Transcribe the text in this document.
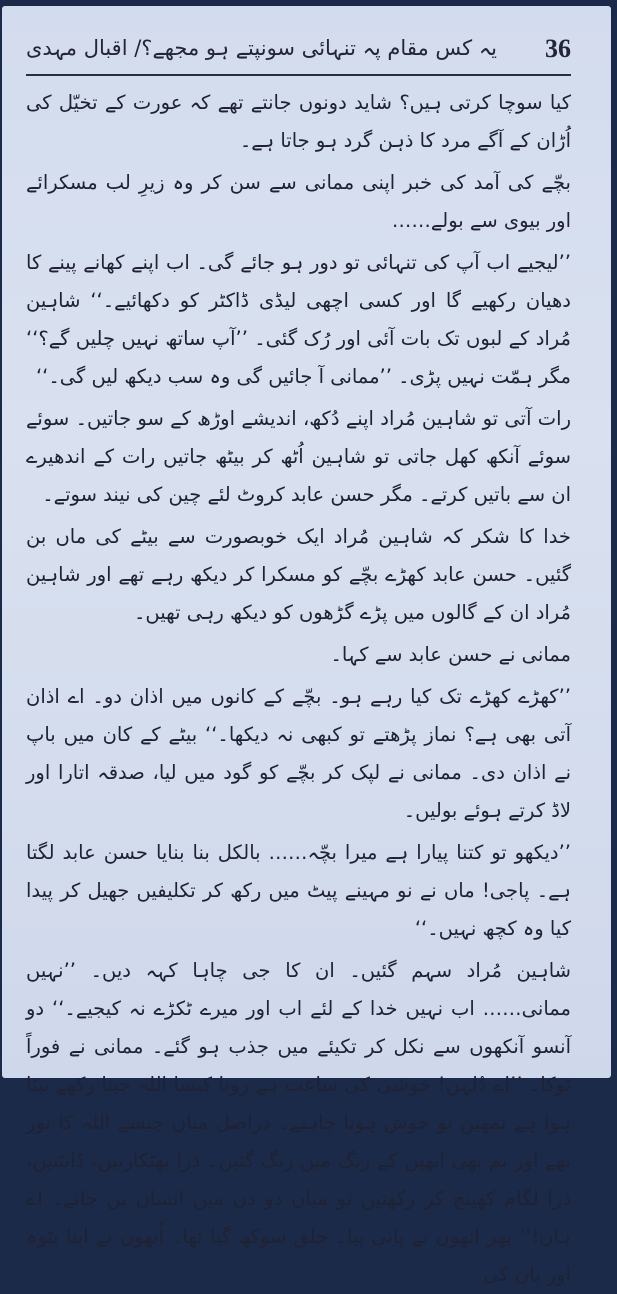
36
یہ کس مقام پہ تنہائی سونپتے ہو مجھے؟/ اقبال مہدی

کیا سوچا کرتی ہیں؟ شاید دونوں جانتے تھے کہ عورت کے تخیّل کی اُڑان کے آگے مرد کا ذہن گرد ہو جاتا ہے۔

بچّے کی آمد کی خبر اپنی ممانی سے سن کر وہ زیرِ لب مسکرائے اور بیوی سے بولے……

’’لیجیے اب آپ کی تنہائی تو دور ہو جائے گی۔ اب اپنے کھانے پینے کا دھیان رکھیے گا اور کسی اچھی لیڈی ڈاکٹر کو دکھائیے۔‘‘ شاہین مُراد کے لبوں تک بات آئی اور رُک گئی۔ ’’آپ ساتھ نہیں چلیں گے؟‘‘ مگر ہمّت نہیں پڑی۔ ’’ممانی آ جائیں گی وہ سب دیکھ لیں گی۔‘‘

رات آتی تو شاہین مُراد اپنے دُکھ، اندیشے اوڑھ کے سو جاتیں۔ سوئے سوئے آنکھ کھل جاتی تو شاہین اُٹھ کر بیٹھ جاتیں رات کے اندھیرے ان سے باتیں کرتے۔ مگر حسن عابد کروٹ لئے چین کی نیند سوتے۔

خدا کا شکر کہ شاہین مُراد ایک خوبصورت سے بیٹے کی ماں بن گئیں۔ حسن عابد کھڑے بچّے کو مسکرا کر دیکھ رہے تھے اور شاہین مُراد ان کے گالوں میں پڑے گڑھوں کو دیکھ رہی تھیں۔

ممانی نے حسن عابد سے کہا۔

’’کھڑے کھڑے تک کیا رہے ہو۔ بچّے کے کانوں میں اذان دو۔ اے اذان آتی بھی ہے؟ نماز پڑھتے تو کبھی نہ دیکھا۔‘‘ بیٹے کے کان میں باپ نے اذان دی۔ ممانی نے لپک کر بچّے کو گود میں لیا، صدقہ اتارا اور لاڈ کرتے ہوئے بولیں۔

’’دیکھو تو کتنا پیارا ہے میرا بچّہ…… بالکل بنا بنایا حسن عابد لگتا ہے۔ پاجی! ماں نے نو مہینے پیٹ میں رکھ کر تکلیفیں جھیل کر پیدا کیا وہ کچھ نہیں۔‘‘

شاہین مُراد سہم گئیں۔ ان کا جی چاہا کہہ دیں۔ ’’نہیں ممانی…… اب نہیں خدا کے لئے اب اور میرے ٹکڑے نہ کیجیے۔‘‘ دو آنسو آنکھوں سے نکل کر تکیئے میں جذب ہو گئے۔ ممانی نے فوراً ٹوکا۔ ’’اے دُلہن! خوشی کی ساعت ہے رونا کیسا اللہ جیتا رکھے بیٹا ہوا ہے تمھیں تو خوش ہونا چاہیے۔ دراصل میاں جیسے اللہ کا نور تھے اور تم بھی انھیں کے رنگ میں رنگ گئیں۔ ذرا پھٹکارتیں، ڈانٹتیں، ذرا لگام کھینچ کر رکھتیں تو میاں دو دن میں انسان بن جاتے۔ اے ہاں!‘‘ پھر انھوں نے پانی پیا۔ حلق سوکھ گیا تھا۔ اُنھوں نے اپنا بٹوہ اور پان کی
